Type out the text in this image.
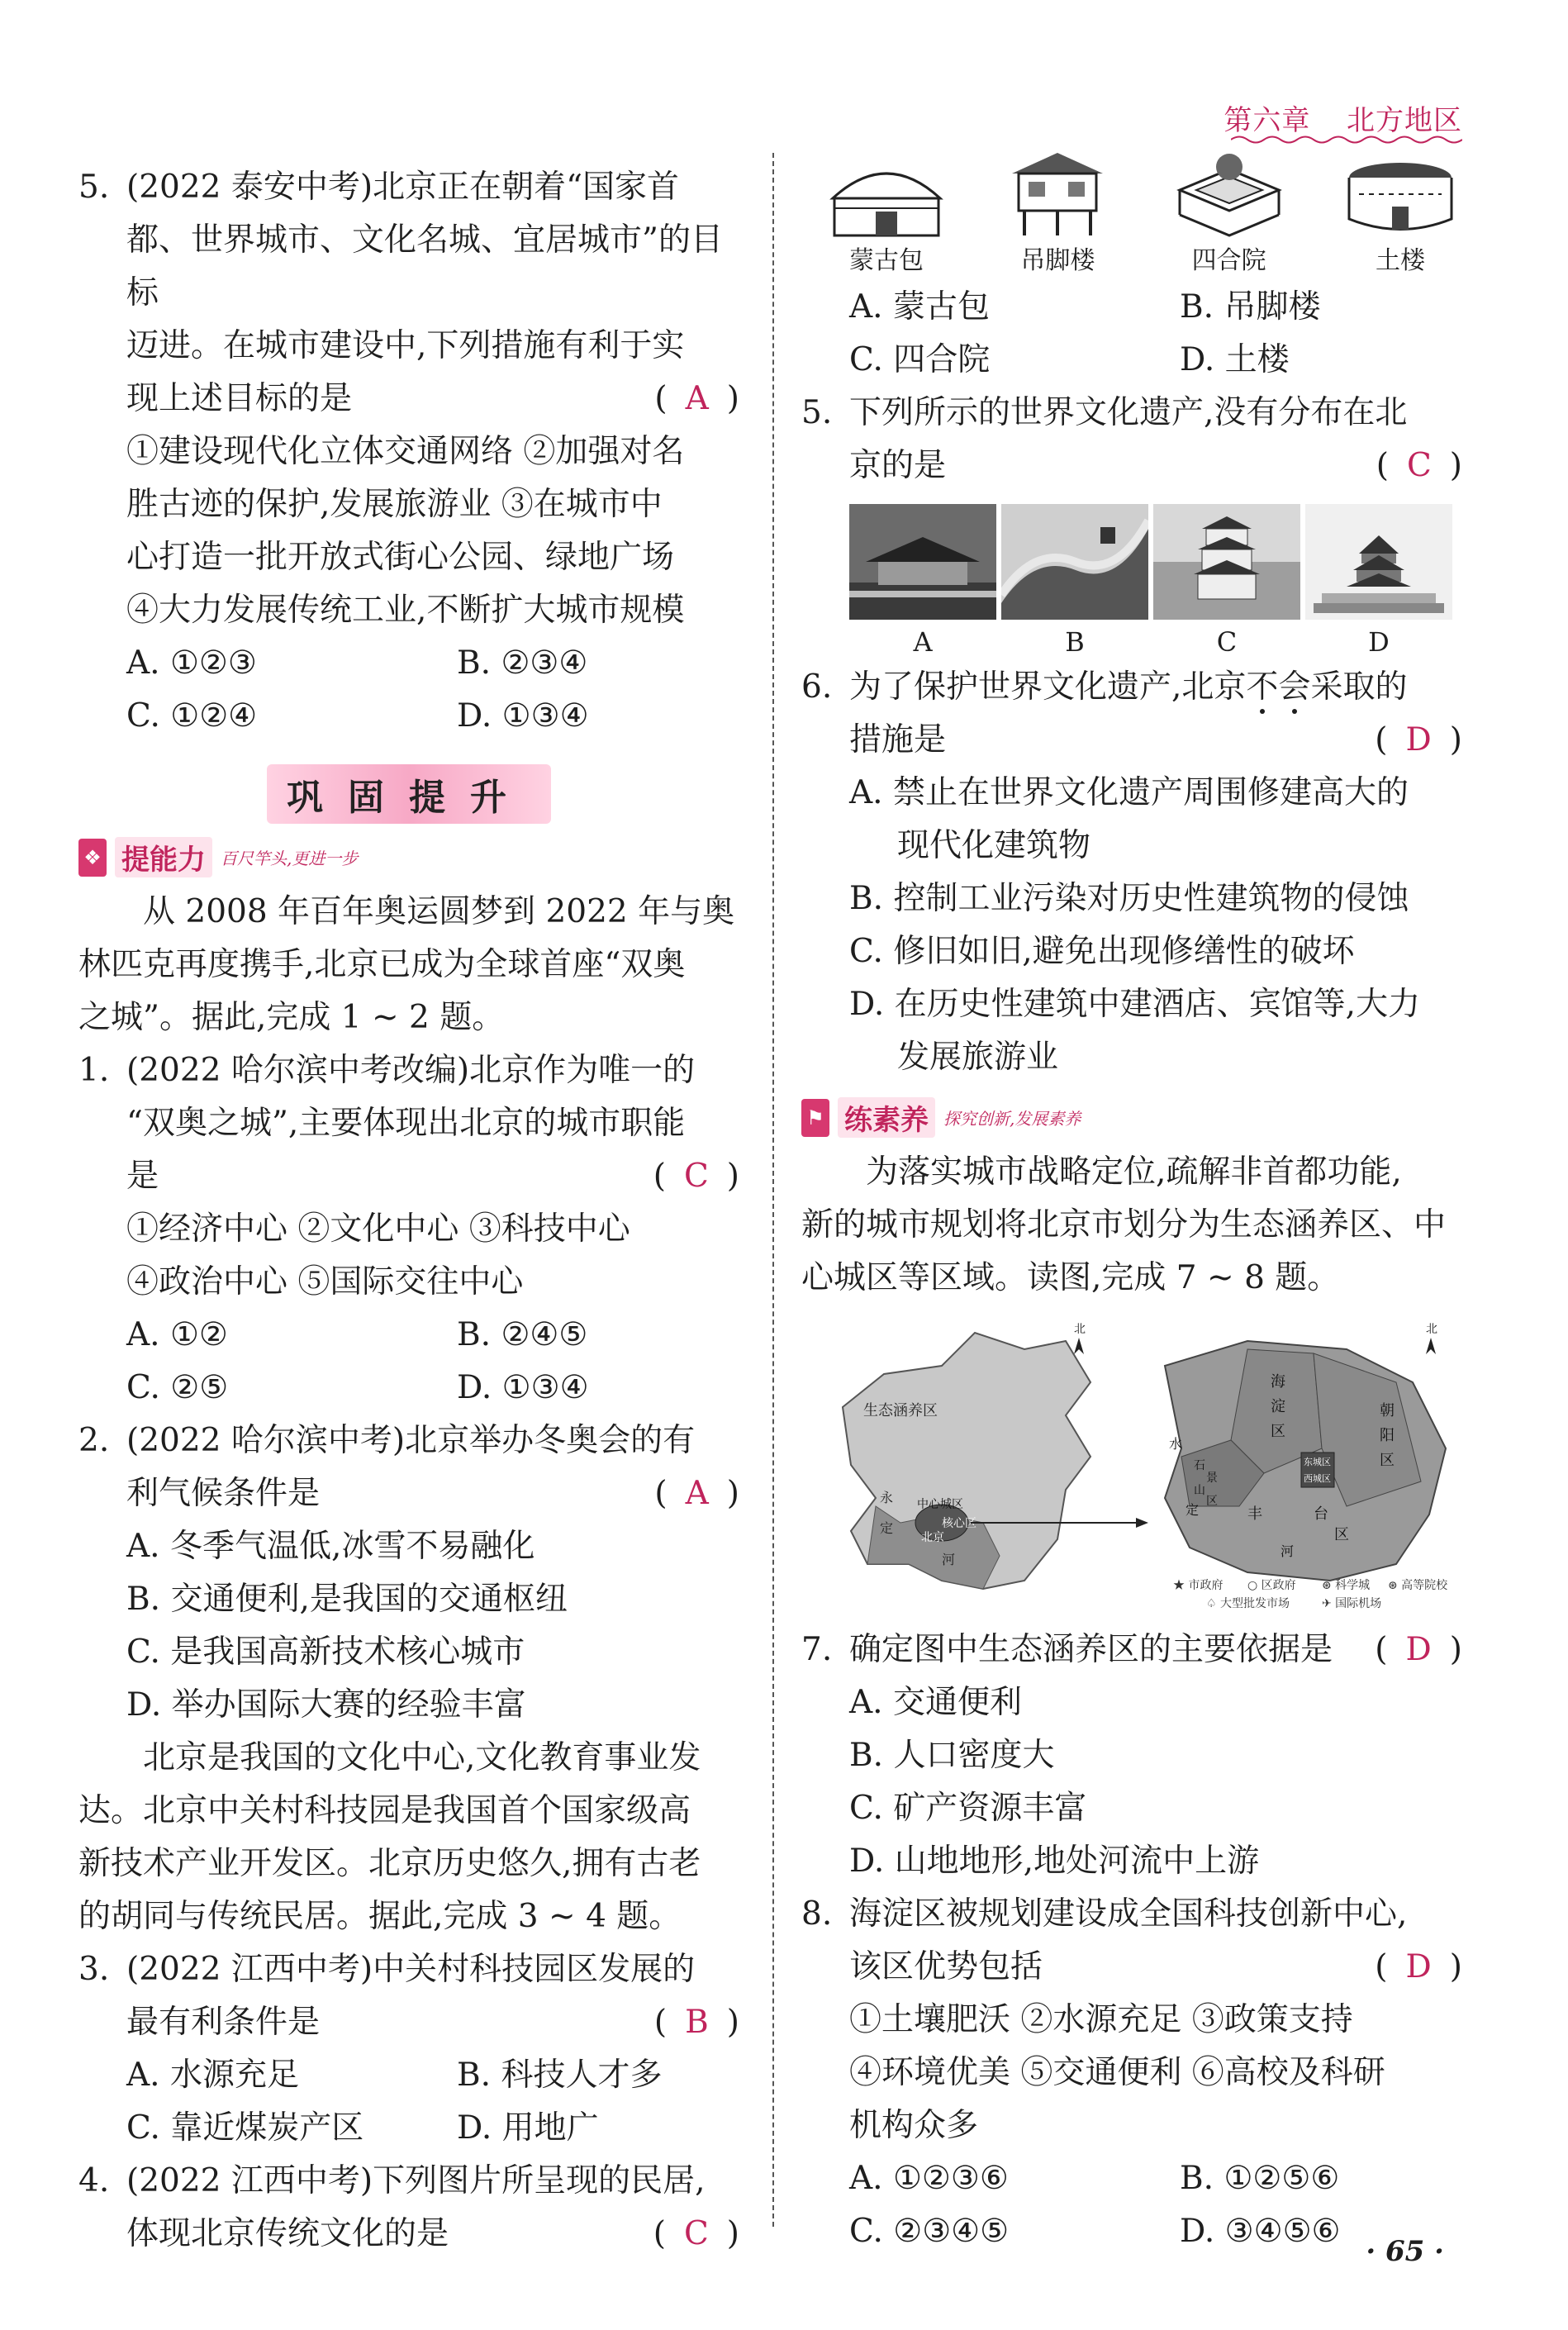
第六章 北方地区
5. (2022 泰安中考)北京正在朝着“国家首
都、世界城市、文化名城、宜居城市”的目标
迈进。在城市建设中,下列措施有利于实
现上述目标的是	( A )
①建设现代化立体交通网络 ②加强对名
胜古迹的保护,发展旅游业 ③在城市中
心打造一批开放式街心公园、绿地广场
④大力发展传统工业,不断扩大城市规模
A. ①②③	B. ②③④
C. ①②④	D. ①③④
巩固提升
❖ 提能力 百尺竿头,更进一步
从 2008 年百年奥运圆梦到 2022 年与奥
林匹克再度携手,北京已成为全球首座“双奥
之城”。据此,完成 1 ~ 2 题。
1. (2022 哈尔滨中考改编)北京作为唯一的
“双奥之城”,主要体现出北京的城市职能
是	( C )
①经济中心 ②文化中心 ③科技中心
④政治中心 ⑤国际交往中心
A. ①②	B. ②④⑤
C. ②⑤	D. ①③④
2. (2022 哈尔滨中考)北京举办冬奥会的有
利气候条件是	( A )
A. 冬季气温低,冰雪不易融化
B. 交通便利,是我国的交通枢纽
C. 是我国高新技术核心城市
D. 举办国际大赛的经验丰富
北京是我国的文化中心,文化教育事业发
达。北京中关村科技园是我国首个国家级高
新技术产业开发区。北京历史悠久,拥有古老
的胡同与传统民居。据此,完成 3 ~ 4 题。
3. (2022 江西中考)中关村科技园区发展的
最有利条件是	( B )
A. 水源充足	B. 科技人才多
C. 靠近煤炭产区	D. 用地广
4. (2022 江西中考)下列图片所呈现的民居,
体现北京传统文化的是	( C )
蒙古包	吊脚楼	四合院	土楼
A. 蒙古包	B. 吊脚楼
C. 四合院	D. 土楼
5. 下列所示的世界文化遗产,没有分布在北
京的是	( C )
A	B	C	D
6. 为了保护世界文化遗产,北京不会采取的
措施是	( D )
A. 禁止在世界文化遗产周围修建高大的
现代化建筑物
B. 控制工业污染对历史性建筑物的侵蚀
C. 修旧如旧,避免出现修缮性的破坏
D. 在历史性建筑中建酒店、宾馆等,大力
发展旅游业
⚑ 练素养 探究创新,发展素养
为落实城市战略定位,疏解非首都功能,
新的城市规划将北京市划分为生态涵养区、中
心城区等区域。读图,完成 7 ~ 8 题。
生态涵养区
永
定
河
中心城区
核心区
北京
北
海
淀
区
朝
阳
区
石
景
山
区
丰	台
区
东城区
西城区
水
定
河
北
★ 市政府 ○ 区政府 ⊛ 科学城 ⊛ 高等院校
♤ 大型批发市场	✈ 国际机场
7. 确定图中生态涵养区的主要依据是	( D )
A. 交通便利
B. 人口密度大
C. 矿产资源丰富
D. 山地地形,地处河流中上游
8. 海淀区被规划建设成全国科技创新中心,
该区优势包括	( D )
①土壤肥沃 ②水源充足 ③政策支持
④环境优美 ⑤交通便利 ⑥高校及科研
机构众多
A. ①②③⑥	B. ①②⑤⑥
C. ②③④⑤	D. ③④⑤⑥
· 65 ·
